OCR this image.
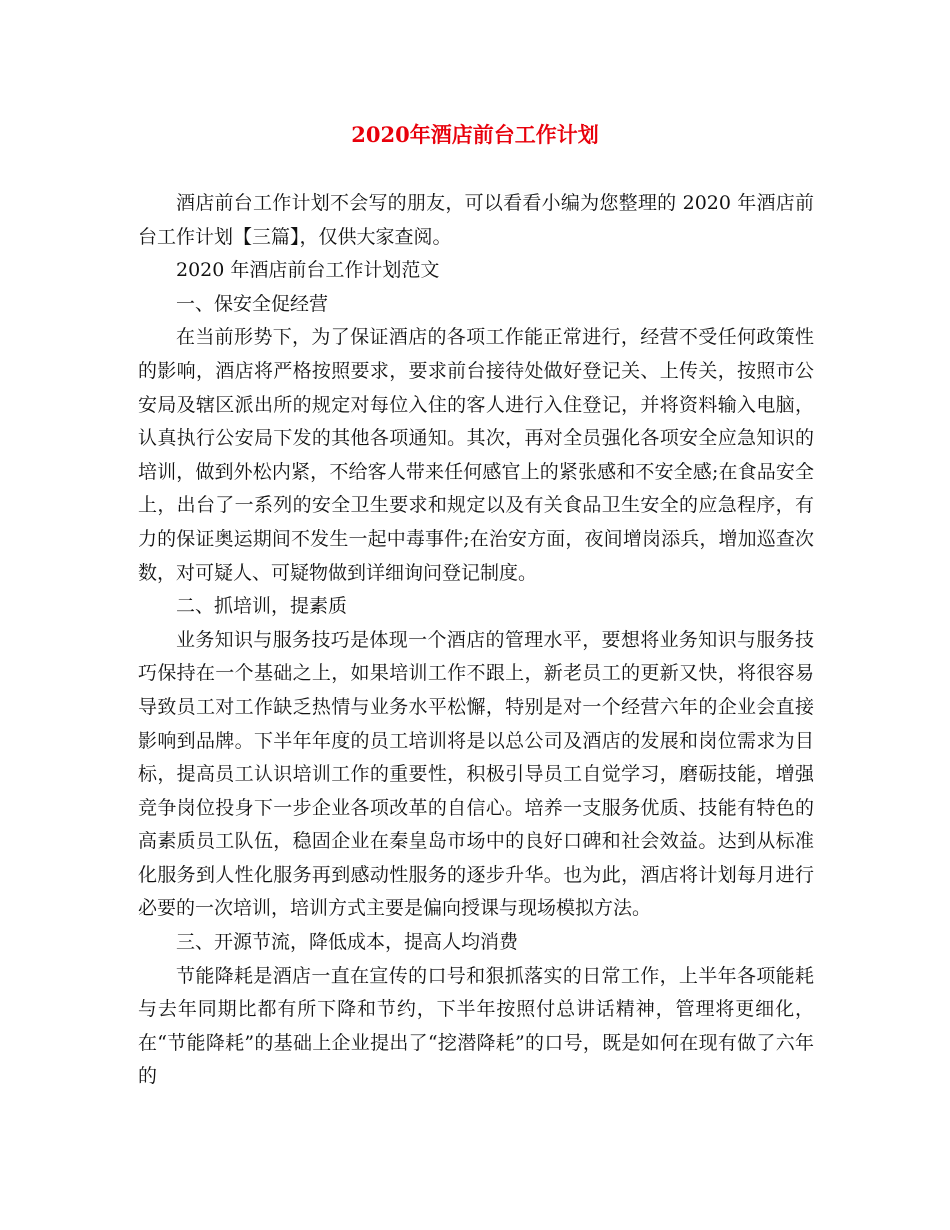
2020年酒店前台工作计划

酒店前台工作计划不会写的朋友，可以看看小编为您整理的 2020 年酒店前台工作计划【三篇】，仅供大家查阅。

2020 年酒店前台工作计划范文

一、保安全促经营

在当前形势下，为了保证酒店的各项工作能正常进行，经营不受任何政策性的影响，酒店将严格按照要求，要求前台接待处做好登记关、上传关，按照市公安局及辖区派出所的规定对每位入住的客人进行入住登记，并将资料输入电脑，认真执行公安局下发的其他各项通知。其次，再对全员强化各项安全应急知识的培训，做到外松内紧，不给客人带来任何感官上的紧张感和不安全感;在食品安全上，出台了一系列的安全卫生要求和规定以及有关食品卫生安全的应急程序，有力的保证奥运期间不发生一起中毒事件;在治安方面，夜间增岗添兵，增加巡查次数，对可疑人、可疑物做到详细询问登记制度。

二、抓培训，提素质

业务知识与服务技巧是体现一个酒店的管理水平，要想将业务知识与服务技巧保持在一个基础之上，如果培训工作不跟上，新老员工的更新又快，将很容易导致员工对工作缺乏热情与业务水平松懈，特别是对一个经营六年的企业会直接影响到品牌。下半年年度的员工培训将是以总公司及酒店的发展和岗位需求为目标，提高员工认识培训工作的重要性，积极引导员工自觉学习，磨砺技能，增强竞争岗位投身下一步企业各项改革的自信心。培养一支服务优质、技能有特色的高素质员工队伍，稳固企业在秦皇岛市场中的良好口碑和社会效益。达到从标准化服务到人性化服务再到感动性服务的逐步升华。也为此，酒店将计划每月进行必要的一次培训，培训方式主要是偏向授课与现场模拟方法。

三、开源节流，降低成本，提高人均消费

节能降耗是酒店一直在宣传的口号和狠抓落实的日常工作，上半年各项能耗与去年同期比都有所下降和节约，下半年按照付总讲话精神，管理将更细化，在“节能降耗”的基础上企业提出了“挖潜降耗”的口号，既是如何在现有做了六年的
